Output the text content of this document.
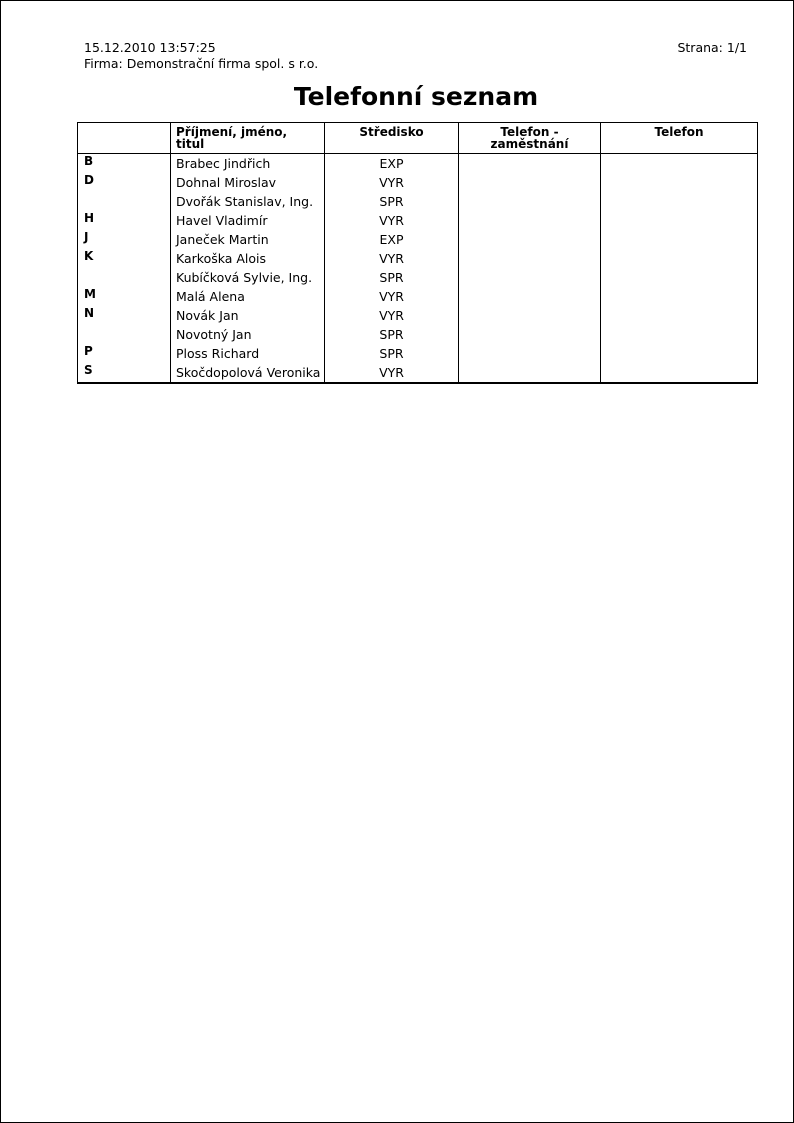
15.12.2010 13:57:25
Firma: Demonstrační firma spol. s r.o.
Strana: 1/1
Telefonní seznam
	Příjmení, jméno, titul	Středisko	Telefon - zaměstnání	Telefon
B	Brabec Jindřich	EXP		
D	Dohnal Miroslav	VYR		
	Dvořák Stanislav, Ing.	SPR		
H	Havel Vladimír	VYR		
J	Janeček Martin	EXP		
K	Karkoška Alois	VYR		
	Kubíčková Sylvie, Ing.	SPR		
M	Malá Alena	VYR		
N	Novák Jan	VYR		
	Novotný Jan	SPR		
P	Ploss Richard	SPR		
S	Skočdopolová Veronika	VYR		
